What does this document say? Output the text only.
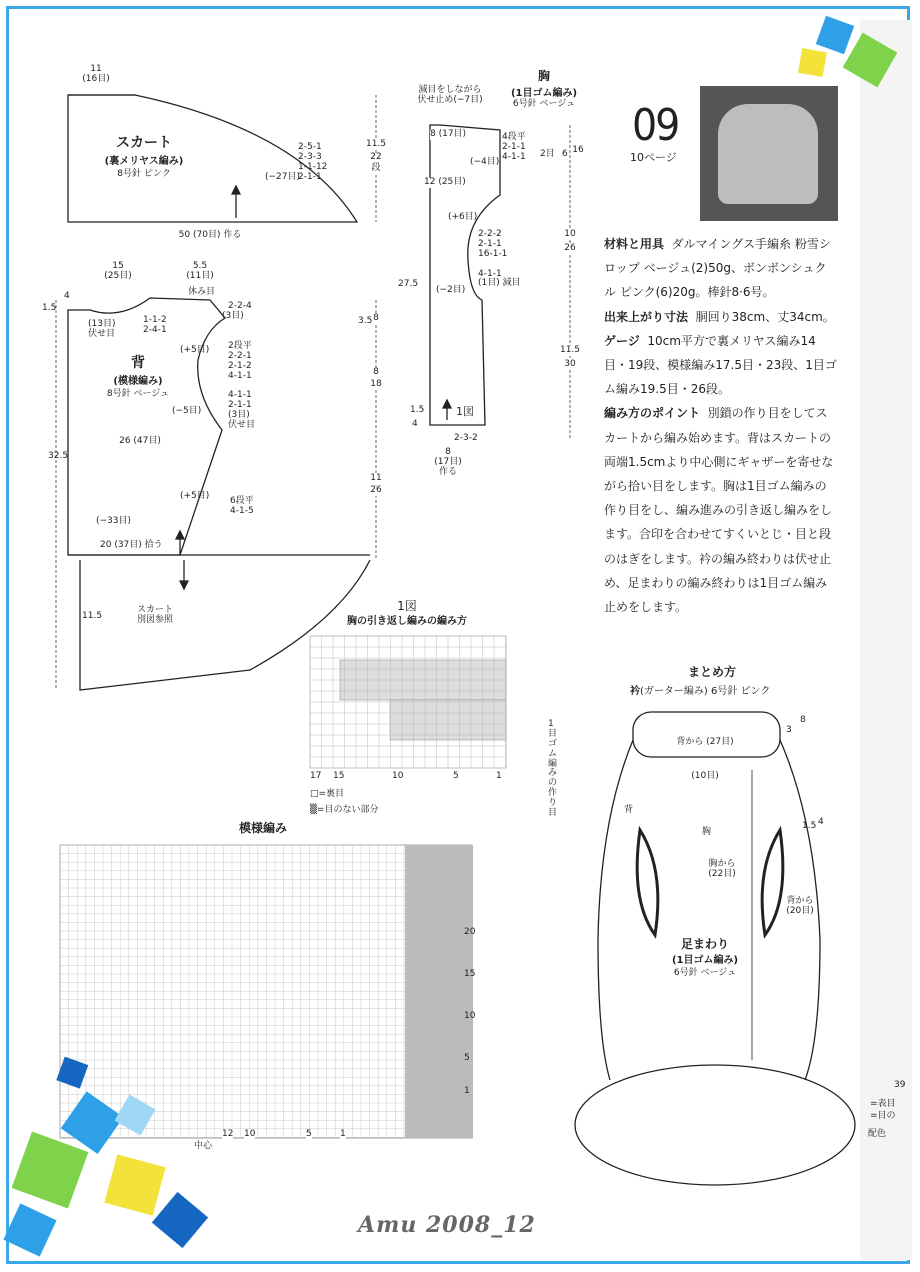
11
(16目)
スカート
(裏メリヤス編み)
8号針 ピンク
2-5-1
2-3-3
1-1-12
2-1-1
(−27目)
11.5
22
段
50 (70目) 作る
15
(25目)
5.5
(11目)
休み目
2-2-4
(3目)
1-1-2
2-4-1
(13目)
伏せ目
1.5
4
背
(模様編み)
8号針 ベージュ
(+5目) 2段平
2-2-1
2-1-2
4-1-1

4-1-1
2-1-1
(3目)
伏せ目
(−5目)
26 (47目)
(+5目) 6段平
4-1-5
(−33目)
20 (37目) 拾う
32.5
3.5 8
8
18
11
26
スカート
別図参照
11.5
胸
(1目ゴム編み)
6号針 ベージュ
減目をしながら
伏せ止め(−7目)
8 (17目)	4段平
2-1-1
4-1-1 2目
(−4目)
6 16
12 (25目)
(+6目)
2-2-2
2-1-1
16-1-1

4-1-1
(1目) 減目
27.5
(−2目)
10
26
11.5
30
1.5
4
1図
2-3-2
8
(17目)
作る
09
10ページ

材料と用具 ダルマイングス手編糸 粉雪シロップ ベージュ(2)50g、ボンボンシュクル ピンク(6)20g。棒針8·6号。

出来上がり寸法 胴回り38cm、丈34cm。

ゲージ 10cm平方で裏メリヤス編み14目・19段、模様編み17.5目・23段、1目ゴム編み19.5目・26段。

編み方のポイント 別鎖の作り目をしてスカートから編み始めます。背はスカートの両端1.5cmより中心側にギャザーを寄せながら拾い目をします。胸は1目ゴム編みの作り目をし、編み進みの引き返し編みをします。合印を合わせてすくいとじ・目と段のはぎをします。衿の編み終わりは伏せ止め、足まわりの編み終わりは1目ゴム編み止めをします。

1図
胸の引き返し編みの編み方
17 15	10	5	1
□=裏目
▒=目のない部分
1目ゴム編みの作り目
模様編み
20
15
10
5
1
12 10	5	1
中心
まとめ方
衿(ガーター編み) 6号針 ピンク
背から (27目)
3
8
(10目)
背
胸
1.5 4
胸から
(22目)
背から
(20目)
足まわり
(1目ゴム編み)
6号針 ベージュ
=表目
=目の
配色
39
Amu 2008_12
